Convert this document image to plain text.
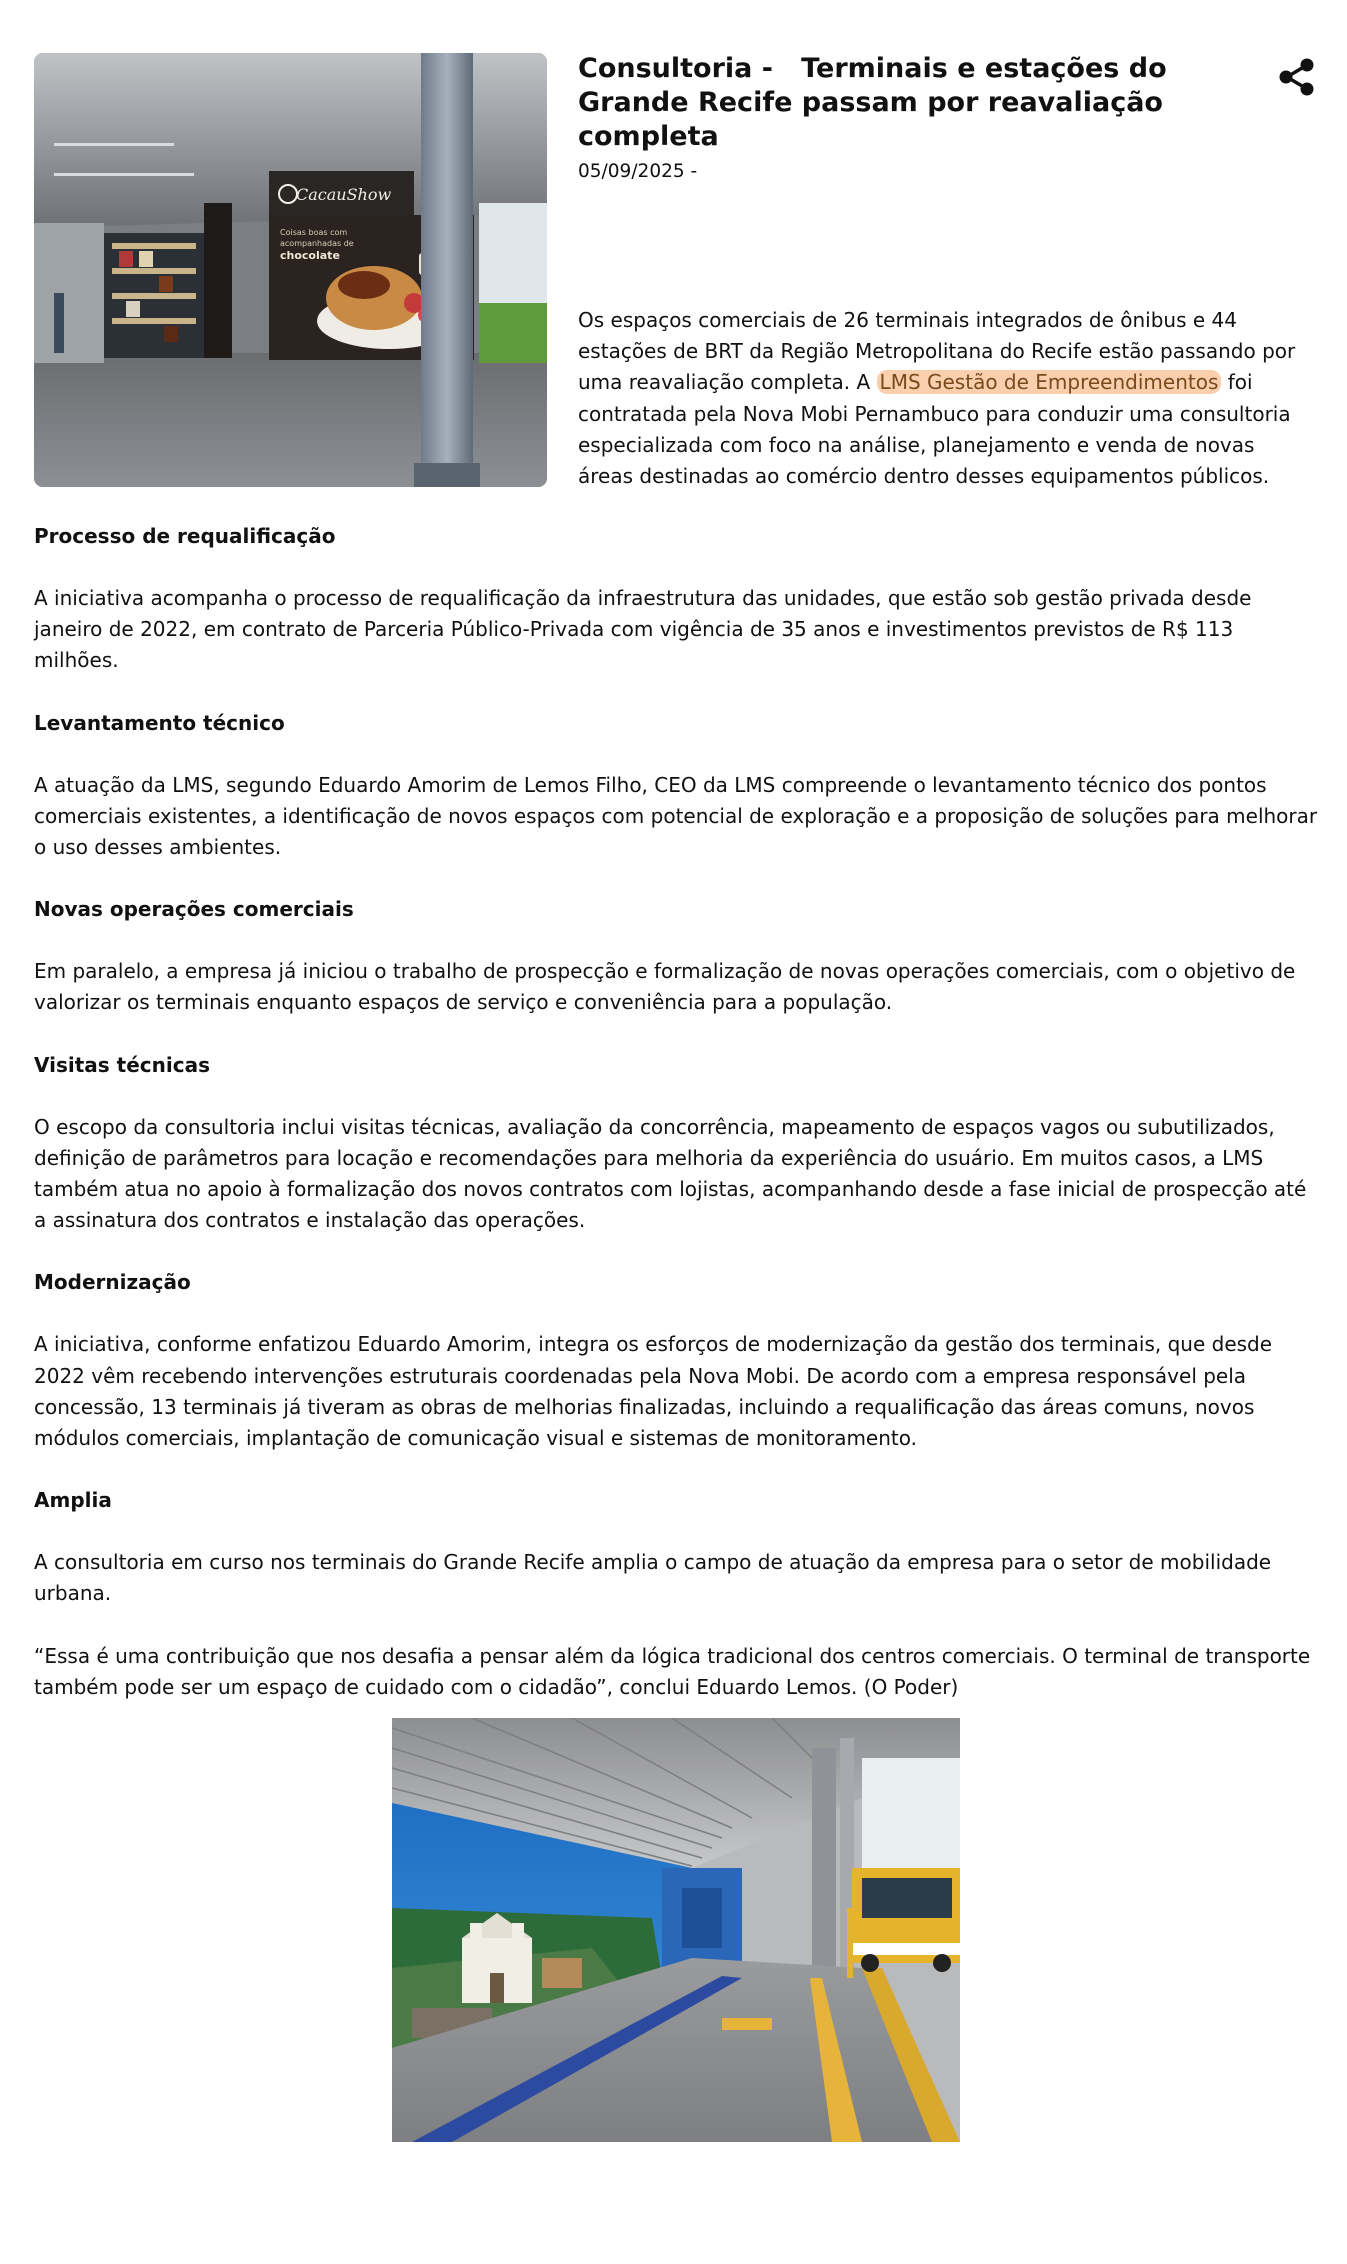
CacauShow
Coisas boas com
acompanhadas de
chocolate
Consultoria -   Terminais e estações do Grande Recife passam por reavaliação completa
05/09/2025 -

Os espaços comerciais de 26 terminais integrados de ônibus e 44 estações de BRT da Região Metropolitana do Recife estão passando por uma reavaliação completa. A LMS Gestão de Empreendimentos foi contratada pela Nova Mobi Pernambuco para conduzir uma consultoria especializada com foco na análise, planejamento e venda de novas áreas destinadas ao comércio dentro desses equipamentos públicos.

Processo de requalificação

A iniciativa acompanha o processo de requalificação da infraestrutura das unidades, que estão sob gestão privada desde janeiro de 2022, em contrato de Parceria Público-Privada com vigência de 35 anos e investimentos previstos de R$ 113 milhões.

Levantamento técnico

A atuação da LMS, segundo Eduardo Amorim de Lemos Filho, CEO da LMS compreende o levantamento técnico dos pontos comerciais existentes, a identificação de novos espaços com potencial de exploração e a proposição de soluções para melhorar o uso desses ambientes.

Novas operações comerciais

Em paralelo, a empresa já iniciou o trabalho de prospecção e formalização de novas operações comerciais, com o objetivo de valorizar os terminais enquanto espaços de serviço e conveniência para a população.

Visitas técnicas

O escopo da consultoria inclui visitas técnicas, avaliação da concorrência, mapeamento de espaços vagos ou subutilizados, definição de parâmetros para locação e recomendações para melhoria da experiência do usuário. Em muitos casos, a LMS também atua no apoio à formalização dos novos contratos com lojistas, acompanhando desde a fase inicial de prospecção até a assinatura dos contratos e instalação das operações.

Modernização

A iniciativa, conforme enfatizou Eduardo Amorim, integra os esforços de modernização da gestão dos terminais, que desde 2022 vêm recebendo intervenções estruturais coordenadas pela Nova Mobi. De acordo com a empresa responsável pela concessão, 13 terminais já tiveram as obras de melhorias finalizadas, incluindo a requalificação das áreas comuns, novos módulos comerciais, implantação de comunicação visual e sistemas de monitoramento.

Amplia

A consultoria em curso nos terminais do Grande Recife amplia o campo de atuação da empresa para o setor de mobilidade urbana.

“Essa é uma contribuição que nos desafia a pensar além da lógica tradicional dos centros comerciais. O terminal de transporte também pode ser um espaço de cuidado com o cidadão”, conclui Eduardo Lemos. (O Poder)
